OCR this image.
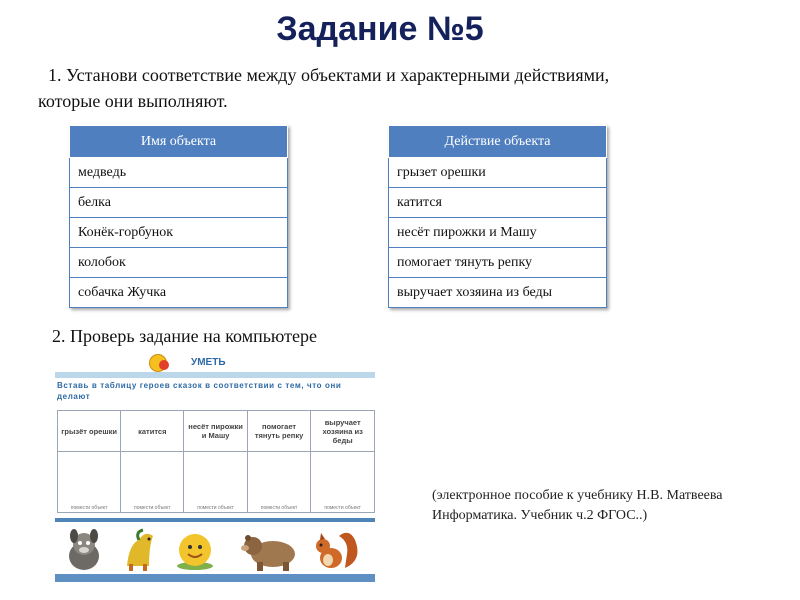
Задание №5
1. Установи соответствие между объектами и характерными действиями,
которые они выполняют.
Имя объекта
медведь
белка
Конёк-горбунок
колобок
собачка Жучка
Действие объекта
грызет орешки
катится
несёт пирожки и Машу
помогает тянуть репку
выручает хозяина из беды
2. Проверь задание на компьютере
УМЕТЬ
Вставь в таблицу героев сказок в соответствии с тем, что они делают
грызёт орешки	катится	несёт пирожки и Машу	помогает тянуть репку	выручает хозяина из беды
помести объект	помести объект	помести объект	помести объект	помести объект
(электронное пособие к учебнику Н.В. Матвеева
Информатика. Учебник ч.2 ФГОС..)
